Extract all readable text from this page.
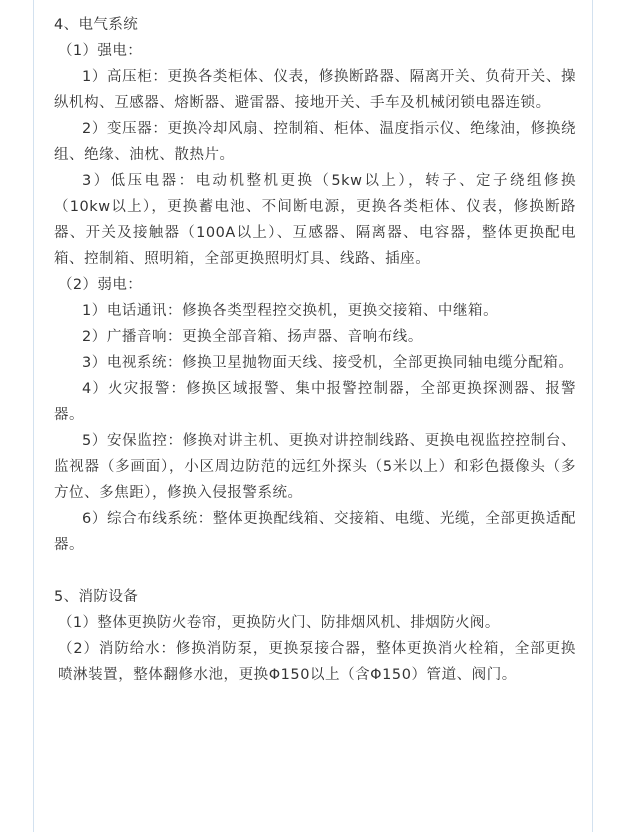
4、电气系统
（1）强电：
1）高压柜：更换各类柜体、仪表，修换断路器、隔离开关、负荷开关、操纵机构、互感器、熔断器、避雷器、接地开关、手车及机械闭锁电器连锁。
2）变压器：更换冷却风扇、控制箱、柜体、温度指示仪、绝缘油，修换绕组、绝缘、油枕、散热片。
3）低压电器：电动机整机更换（5kw以上），转子、定子绕组修换（10kw以上），更换蓄电池、不间断电源，更换各类柜体、仪表，修换断路器、开关及接触器（100A以上）、互感器、隔离器、电容器，整体更换配电箱、控制箱、照明箱，全部更换照明灯具、线路、插座。
（2）弱电：
1）电话通讯：修换各类型程控交换机，更换交接箱、中继箱。
2）广播音响：更换全部音箱、扬声器、音响布线。
3）电视系统：修换卫星抛物面天线、接受机，全部更换同轴电缆分配箱。
4）火灾报警：修换区域报警、集中报警控制器，全部更换探测器、报警器。
5）安保监控：修换对讲主机、更换对讲控制线路、更换电视监控控制台、监视器（多画面），小区周边防范的远红外探头（5米以上）和彩色摄像头（多方位、多焦距），修换入侵报警系统。
6）综合布线系统：整体更换配线箱、交接箱、电缆、光缆，全部更换适配器。
5、消防设备
（1）整体更换防火卷帘，更换防火门、防排烟风机、排烟防火阀。
（2）消防给水：修换消防泵，更换泵接合器，整体更换消火栓箱，全部更换喷淋装置，整体翻修水池，更换Φ150以上（含Φ150）管道、阀门。
